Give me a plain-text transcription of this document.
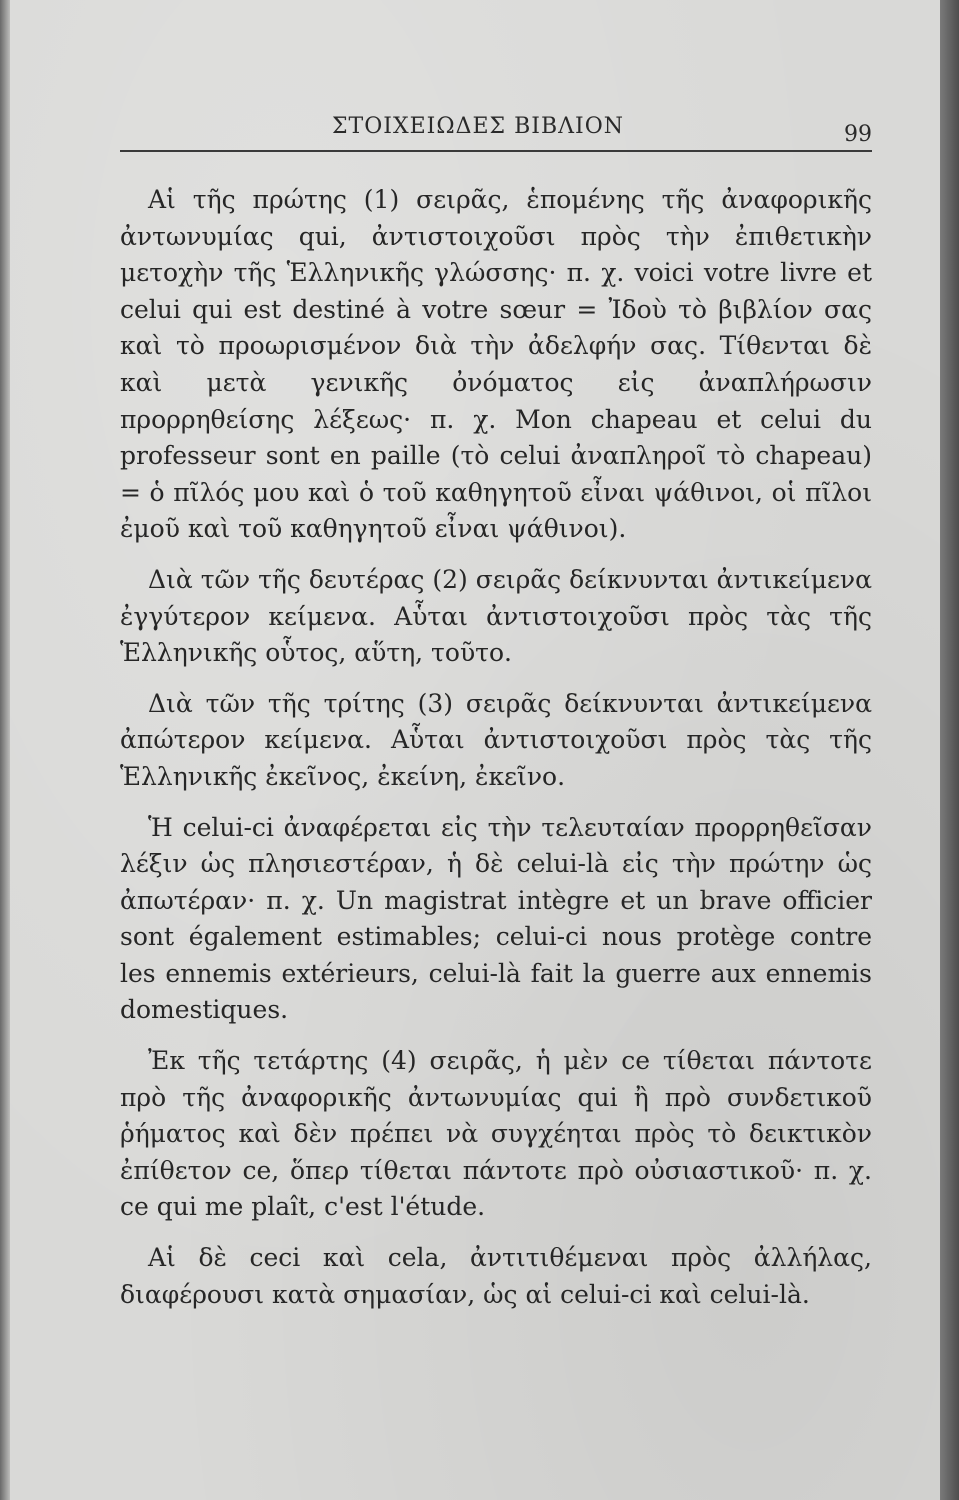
ΣΤΟΙΧΕΙΩΔΕΣ ΒΙΒΛΙΟΝ	99

Αἱ τῆς πρώτης (1) σειρᾶς, ἑπομένης τῆς ἀναφορικῆς ἀντωνυμίας qui, ἀντιστοιχοῦσι πρὸς τὴν ἐπιθετικὴν μετοχὴν τῆς Ἑλληνικῆς γλώσσης· π. χ. voici votre livre et celui qui est destiné à votre sœur = Ἰδοὺ τὸ βιβλίον σας καὶ τὸ προωρισμένον διὰ τὴν ἀδελφήν σας. Τίθενται δὲ καὶ μετὰ γενικῆς ὀνόματος εἰς ἀναπλήρωσιν προρρηθείσης λέξεως· π. χ. Mon chapeau et celui du professeur sont en paille (τὸ celui ἀναπληροῖ τὸ chapeau) = ὁ πῖλός μου καὶ ὁ τοῦ καθηγητοῦ εἶναι ψάθινοι, οἱ πῖλοι ἐμοῦ καὶ τοῦ καθηγητοῦ εἶναι ψάθινοι).

Διὰ τῶν τῆς δευτέρας (2) σειρᾶς δείκνυνται ἀντικείμενα ἐγγύτερον κείμενα. Αὗται ἀντιστοιχοῦσι πρὸς τὰς τῆς Ἑλληνικῆς οὗτος, αὕτη, τοῦτο.

Διὰ τῶν τῆς τρίτης (3) σειρᾶς δείκνυνται ἀντικείμενα ἀπώτερον κείμενα. Αὗται ἀντιστοιχοῦσι πρὸς τὰς τῆς Ἑλληνικῆς ἐκεῖνος, ἐκείνη, ἐκεῖνο.

Ἡ celui-ci ἀναφέρεται εἰς τὴν τελευταίαν προρρηθεῖσαν λέξιν ὡς πλησιεστέραν, ἡ δὲ celui-là εἰς τὴν πρώτην ὡς ἀπωτέραν· π. χ. Un magistrat intègre et un brave officier sont également estimables; celui-ci nous protège contre les ennemis extérieurs, celui-là fait la guerre aux ennemis domestiques.

Ἐκ τῆς τετάρτης (4) σειρᾶς, ἡ μὲν ce τίθεται πάντοτε πρὸ τῆς ἀναφορικῆς ἀντωνυμίας qui ἢ πρὸ συνδετικοῦ ῥήματος καὶ δὲν πρέπει νὰ συγχέηται πρὸς τὸ δεικτικὸν ἐπίθετον ce, ὅπερ τίθεται πάντοτε πρὸ οὐσιαστικοῦ· π. χ. ce qui me plaît, c'est l'étude.

Αἱ δὲ ceci καὶ cela, ἀντιτιθέμεναι πρὸς ἀλλήλας, διαφέρουσι κατὰ σημασίαν, ὡς αἱ celui-ci καὶ celui-là.
